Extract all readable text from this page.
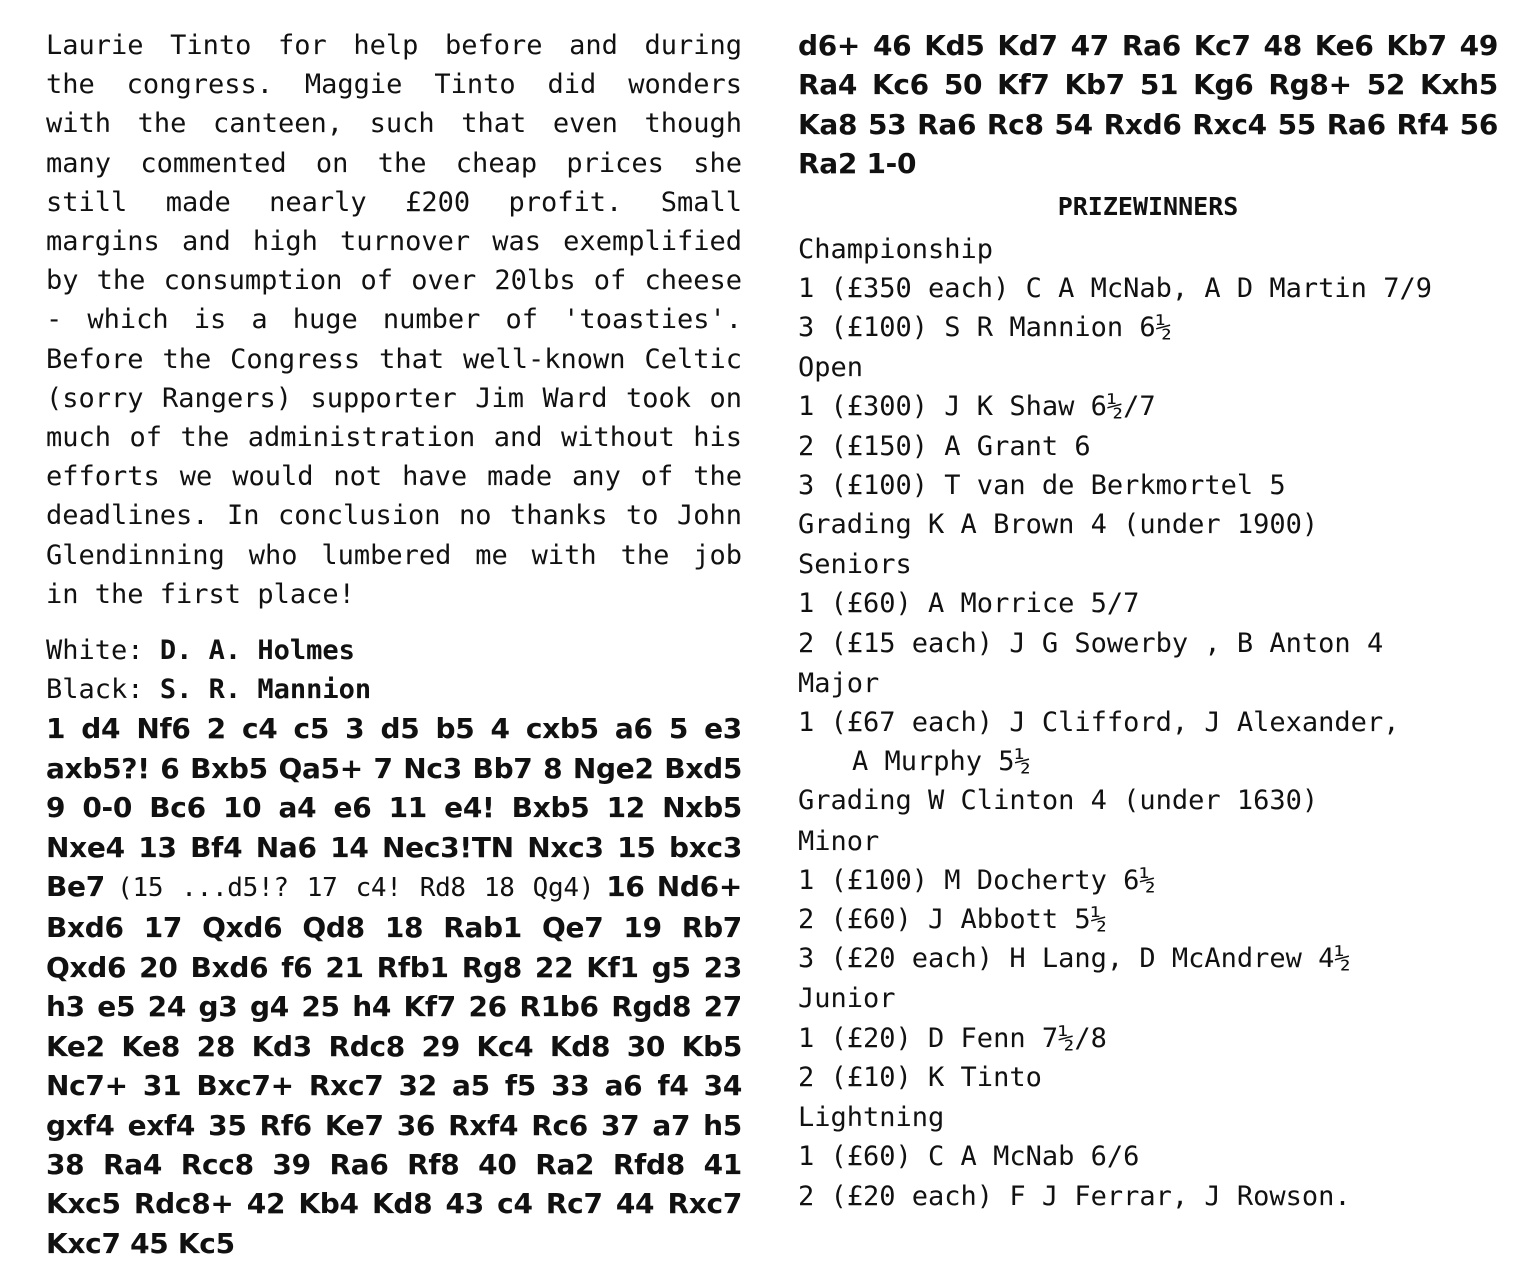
Laurie Tinto for help before and during the congress. Maggie Tinto did wonders with the canteen, such that even though many commented on the cheap prices she still made nearly £200 profit. Small margins and high turnover was exemplified by the consumption of over 20lbs of cheese - which is a huge number of 'toasties'. Before the Congress that well-known Celtic (sorry Rangers) supporter Jim Ward took on much of the administration and without his efforts we would not have made any of the deadlines. In conclusion no thanks to John Glendinning who lumbered me with the job in the first place!

White: D. A. Holmes

Black: S. R. Mannion

1 d4 Nf6 2 c4 c5 3 d5 b5 4 cxb5 a6 5 e3 axb5?! 6 Bxb5 Qa5+ 7 Nc3 Bb7 8 Nge2 Bxd5 9 0-0 Bc6 10 a4 e6 11 e4! Bxb5 12 Nxb5 Nxe4 13 Bf4 Na6 14 Nec3!TN Nxc3 15 bxc3 Be7 (15 ...d5!? 17 c4! Rd8 18 Qg4) 16 Nd6+ Bxd6 17 Qxd6 Qd8 18 Rab1 Qe7 19 Rb7 Qxd6 20 Bxd6 f6 21 Rfb1 Rg8 22 Kf1 g5 23 h3 e5 24 g3 g4 25 h4 Kf7 26 R1b6 Rgd8 27 Ke2 Ke8 28 Kd3 Rdc8 29 Kc4 Kd8 30 Kb5 Nc7+ 31 Bxc7+ Rxc7 32 a5 f5 33 a6 f4 34 gxf4 exf4 35 Rf6 Ke7 36 Rxf4 Rc6 37 a7 h5 38 Ra4 Rcc8 39 Ra6 Rf8 40 Ra2 Rfd8 41 Kxc5 Rdc8+ 42 Kb4 Kd8 43 c4 Rc7 44 Rxc7 Kxc7 45 Kc5

d6+ 46 Kd5 Kd7 47 Ra6 Kc7 48 Ke6 Kb7 49 Ra4 Kc6 50 Kf7 Kb7 51 Kg6 Rg8+ 52 Kxh5 Ka8 53 Ra6 Rc8 54 Rxd6 Rxc4 55 Ra6 Rf4 56 Ra2 1-0

PRIZEWINNERS
Championship
1 (£350 each) C A McNab, A D Martin 7/9
3 (£100) S R Mannion 6½
Open
1 (£300) J K Shaw 6½/7
2 (£150) A Grant 6
3 (£100) T van de Berkmortel 5
Grading K A Brown 4 (under 1900)
Seniors
1 (£60) A Morrice 5/7
2 (£15 each) J G Sowerby , B Anton 4
Major
1 (£67 each) J Clifford, J Alexander,
A Murphy 5½
Grading W Clinton 4 (under 1630)
Minor
1 (£100) M Docherty 6½
2 (£60) J Abbott 5½
3 (£20 each) H Lang, D McAndrew 4½
Junior
1 (£20) D Fenn 7½/8
2 (£10) K Tinto
Lightning
1 (£60) C A McNab 6/6
2 (£20 each) F J Ferrar, J Rowson.
